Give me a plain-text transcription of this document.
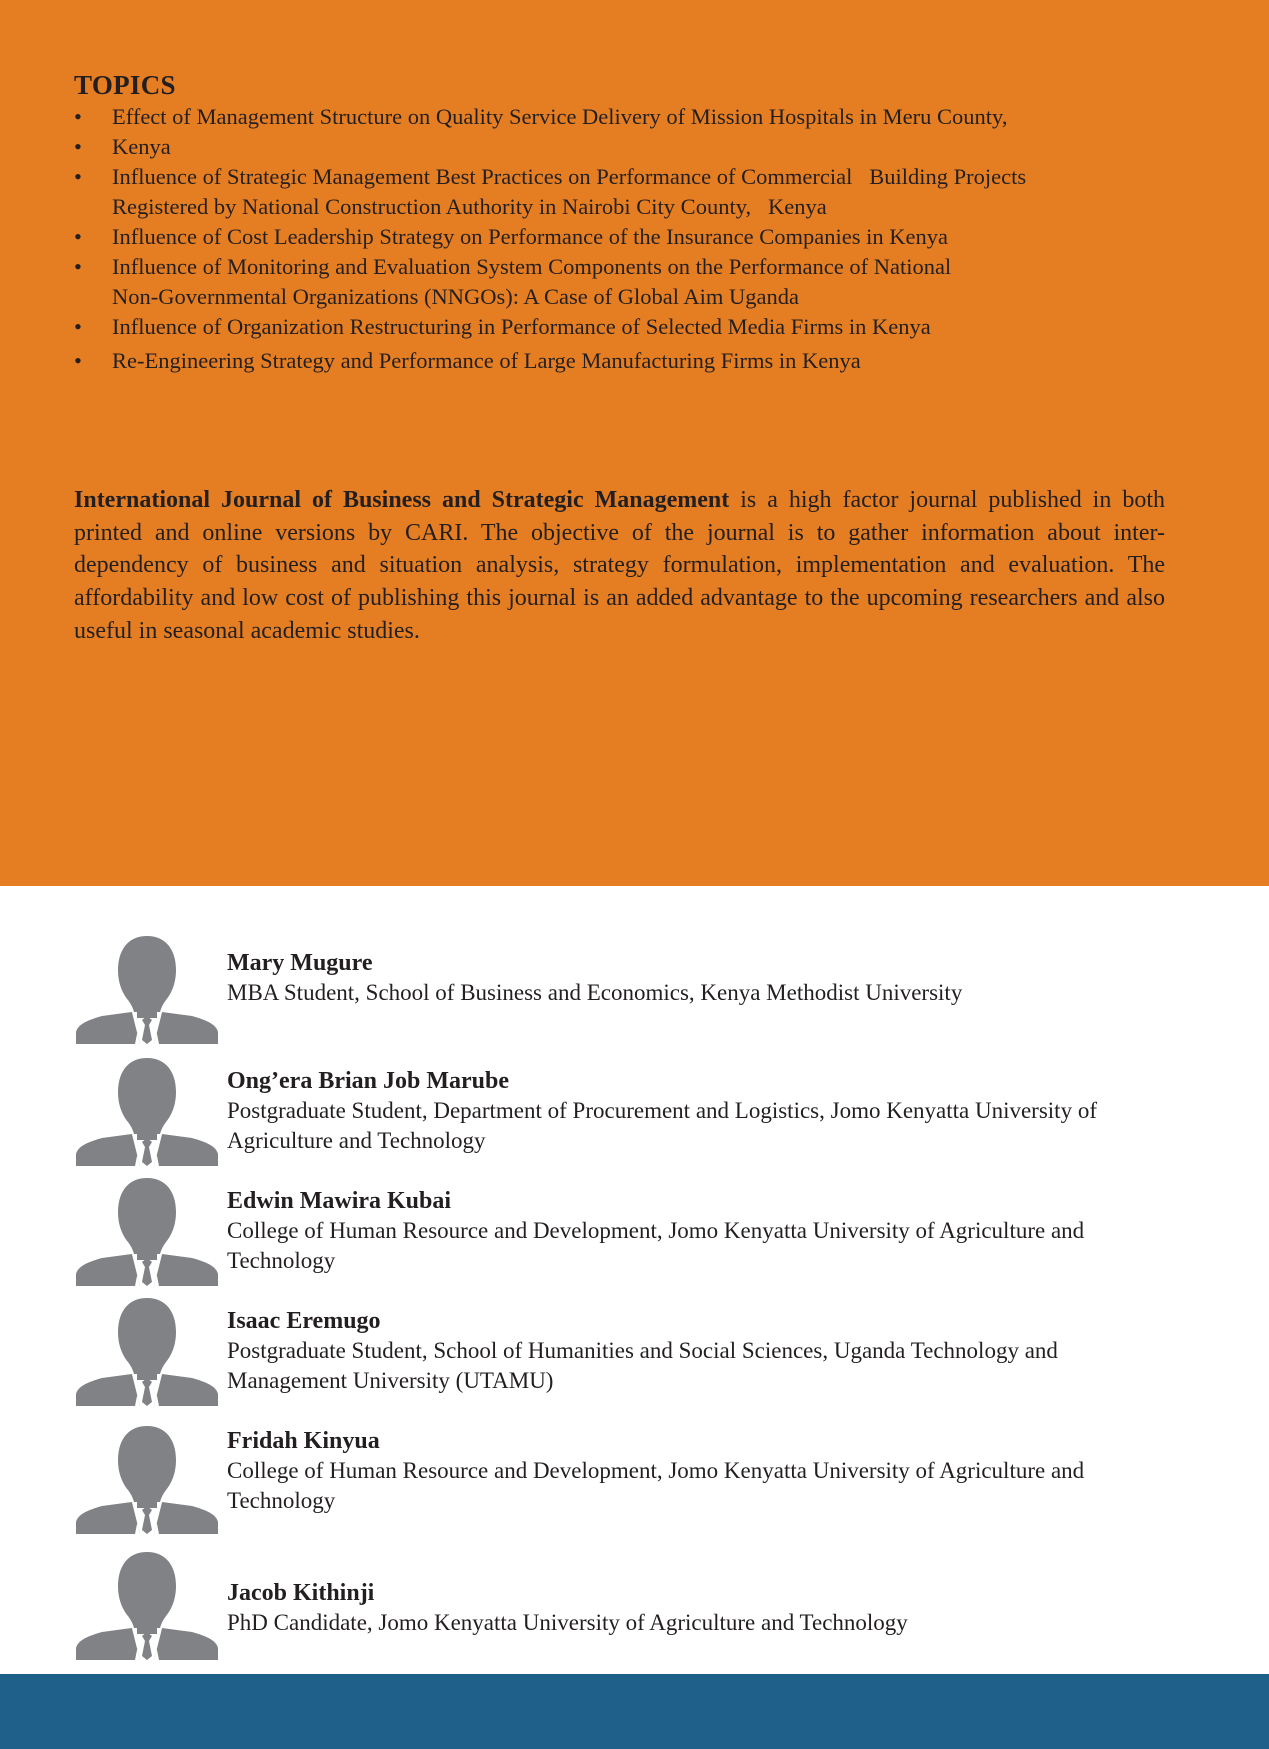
TOPICS
• Effect of Management Structure on Quality Service Delivery of Mission Hospitals in Meru County,
• Kenya
• Influence of Strategic Management Best Practices on Performance of Commercial   Building Projects
Registered by National Construction Authority in Nairobi City County,   Kenya
• Influence of Cost Leadership Strategy on Performance of the Insurance Companies in Kenya
• Influence of Monitoring and Evaluation System Components on the Performance of National
Non-Governmental Organizations (NNGOs): A Case of Global Aim Uganda
• Influence of Organization Restructuring in Performance of Selected Media Firms in Kenya
• Re-Engineering Strategy and Performance of Large Manufacturing Firms in Kenya

International Journal of Business and Strategic Management is a high factor journal published in both printed and online versions by CARI. The objective of the journal is to gather information about inter-dependency of business and situation analysis, strategy formulation, implementation and evaluation. The affordability and low cost of publishing this journal is an added advantage to the upcoming researchers and also useful in seasonal academic studies.

Mary Mugure
MBA Student, School of Business and Economics, Kenya Methodist University
Ong’era Brian Job Marube
Postgraduate Student, Department of Procurement and Logistics, Jomo Kenyatta University of
Agriculture and Technology
Edwin Mawira Kubai
College of Human Resource and Development, Jomo Kenyatta University of Agriculture and
Technology
Isaac Eremugo
Postgraduate Student, School of Humanities and Social Sciences, Uganda Technology and
Management University (UTAMU)
Fridah Kinyua
College of Human Resource and Development, Jomo Kenyatta University of Agriculture and
Technology
Jacob Kithinji
PhD Candidate, Jomo Kenyatta University of Agriculture and Technology
